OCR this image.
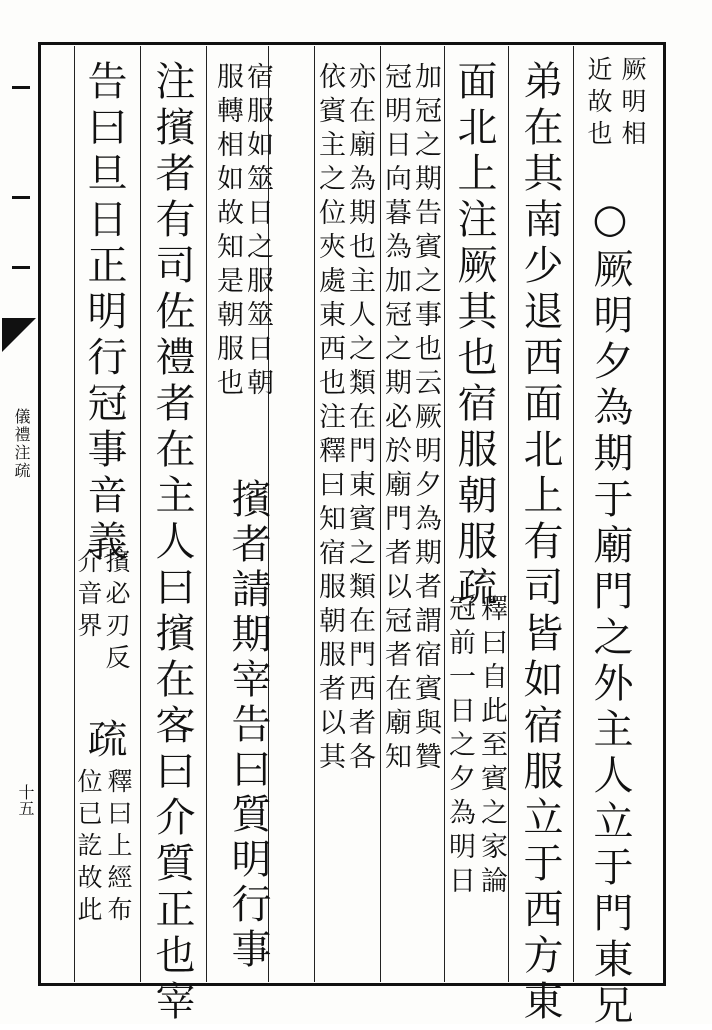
儀禮注疏
十五
厥明相
近故也
○厥明夕為期于廟門之外主人立于門東兄
弟在其南少退西面北上有司皆如宿服立于西方東
面北上注厥其也宿服朝服疏
釋曰自此至賓之家論
冠前一日之夕為明日
加冠之期告賓之事也云厥明夕為期者謂宿賓與贊
冠明日向暮為加冠之期必於廟門者以冠者在廟知
亦在廟為期也主人之類在門東賓之類在門西者各
依賓主之位夾處東西也注釋曰知宿服朝服者以其
宿服如筮日之服筮日朝
服轉相如故知是朝服也
擯者請期宰告曰質明行事
注擯者有司佐禮者在主人曰擯在客曰介質正也宰
告曰旦日正明行冠事音義
擯必刃反
介音界
疏
釋曰上經布
位已訖故此
